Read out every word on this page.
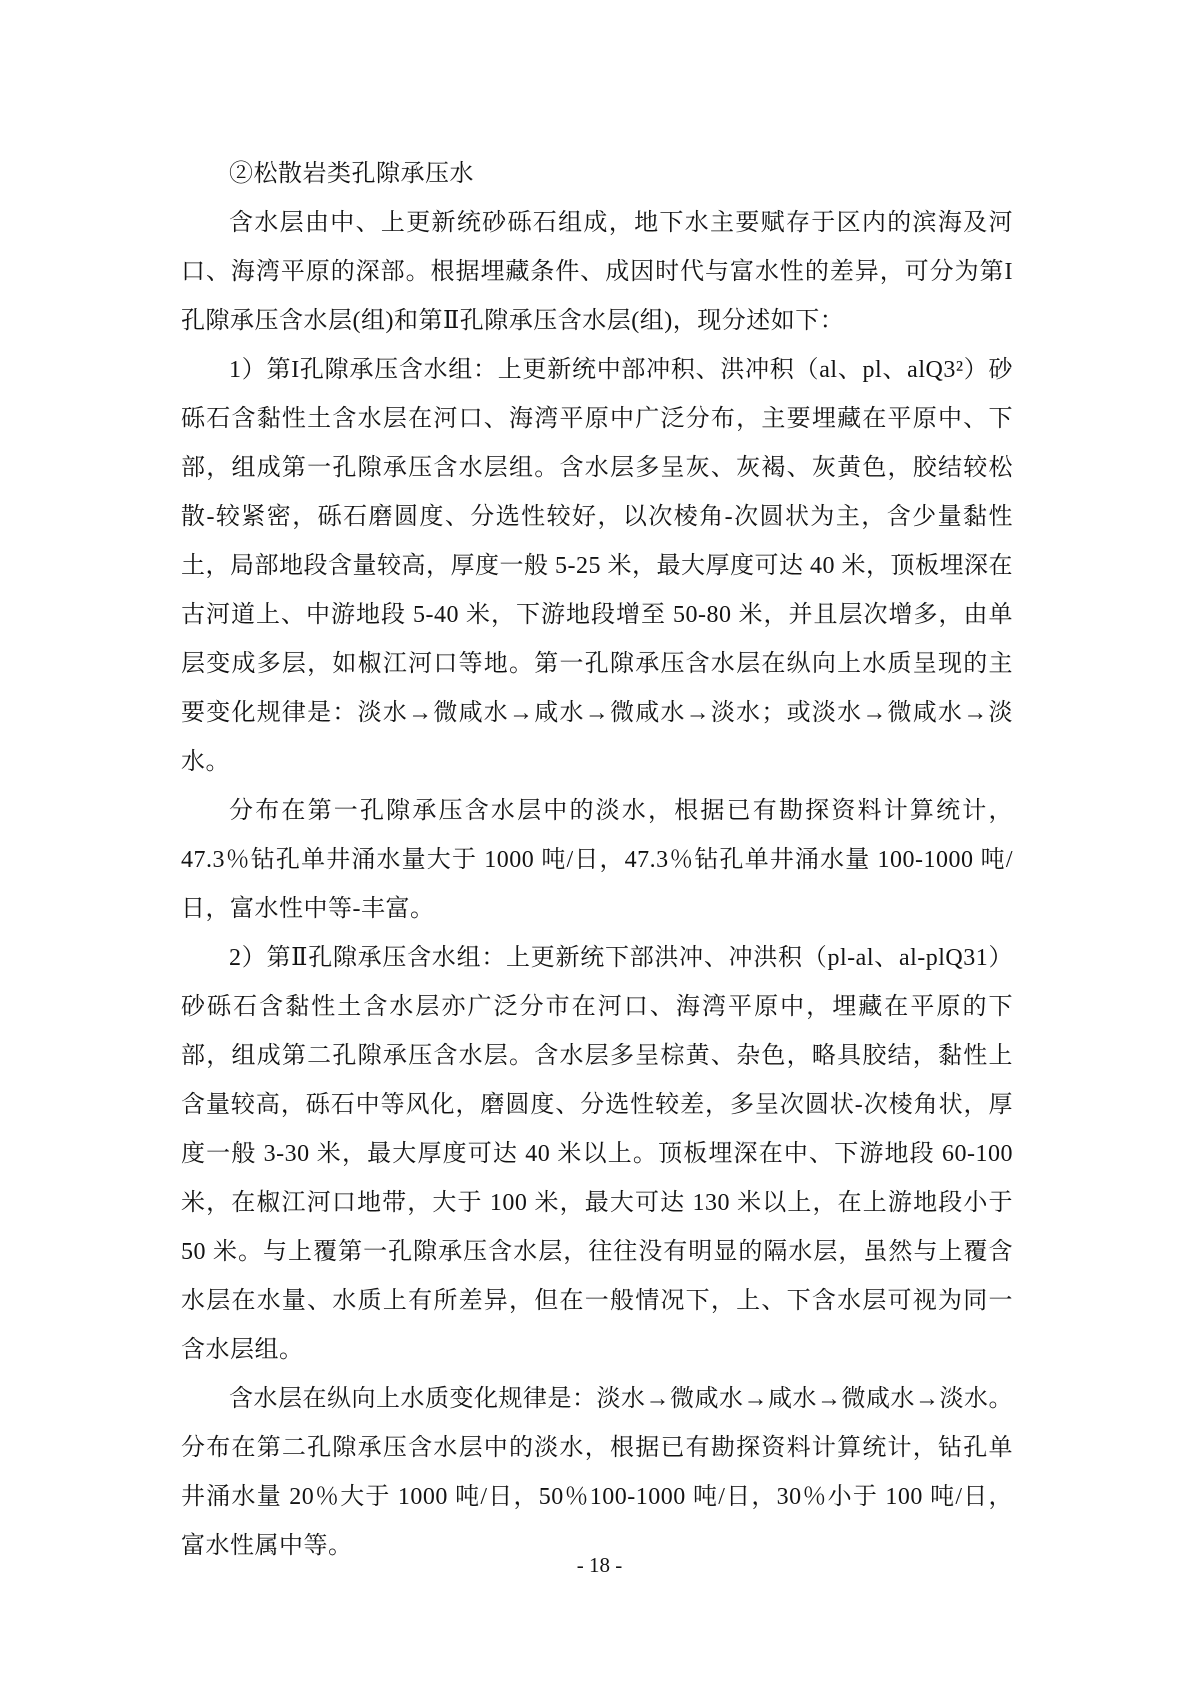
②松散岩类孔隙承压水

含水层由中、上更新统砂砾石组成，地下水主要赋存于区内的滨海及河口、海湾平原的深部。根据埋藏条件、成因时代与富水性的差异，可分为第I孔隙承压含水层(组)和第Ⅱ孔隙承压含水层(组)，现分述如下：

1）第I孔隙承压含水组：上更新统中部冲积、洪冲积（al、pl、alQ3²）砂砾石含黏性土含水层在河口、海湾平原中广泛分布，主要埋藏在平原中、下部，组成第一孔隙承压含水层组。含水层多呈灰、灰褐、灰黄色，胶结较松散-较紧密，砾石磨圆度、分选性较好，以次棱角-次圆状为主，含少量黏性土，局部地段含量较高，厚度一般 5-25 米，最大厚度可达 40 米，顶板埋深在古河道上、中游地段 5-40 米，下游地段增至 50-80 米，并且层次增多，由单层变成多层，如椒江河口等地。第一孔隙承压含水层在纵向上水质呈现的主要变化规律是：淡水→微咸水→咸水→微咸水→淡水；或淡水→微咸水→淡水。

分布在第一孔隙承压含水层中的淡水，根据已有勘探资料计算统计，47.3％钻孔单井涌水量大于 1000 吨/日，47.3％钻孔单井涌水量 100-1000 吨/日，富水性中等-丰富。

2）第Ⅱ孔隙承压含水组：上更新统下部洪冲、冲洪积（pl-al、al-plQ31）砂砾石含黏性土含水层亦广泛分市在河口、海湾平原中，埋藏在平原的下部，组成第二孔隙承压含水层。含水层多呈棕黄、杂色，略具胶结，黏性上含量较高，砾石中等风化，磨圆度、分选性较差，多呈次圆状-次棱角状，厚度一般 3-30 米，最大厚度可达 40 米以上。顶板埋深在中、下游地段 60-100 米，在椒江河口地带，大于 100 米，最大可达 130 米以上，在上游地段小于 50 米。与上覆第一孔隙承压含水层，往往没有明显的隔水层，虽然与上覆含水层在水量、水质上有所差异，但在一般情况下，上、下含水层可视为同一含水层组。

含水层在纵向上水质变化规律是：淡水→微咸水→咸水→微咸水→淡水。分布在第二孔隙承压含水层中的淡水，根据已有勘探资料计算统计，钻孔单井涌水量 20％大于 1000 吨/日，50％100-1000 吨/日，30％小于 100 吨/日，富水性属中等。

- 18 -
